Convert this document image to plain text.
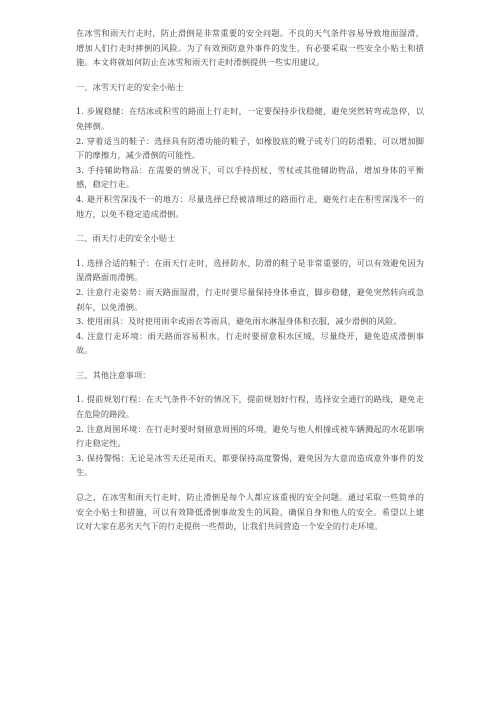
在冰雪和雨天行走时，防止滑倒是非常重要的安全问题。不良的天气条件容易导致地面湿滑，增加人们行走时摔倒的风险。为了有效预防意外事件的发生，有必要采取一些安全小贴士和措施。本文将就如何防止在冰雪和雨天行走时滑倒提供一些实用建议。

一、冰雪天行走的安全小贴士

1. 步履稳健：在结冰或积雪的路面上行走时，一定要保持步伐稳健，避免突然转弯或急停，以免摔倒。

2. 穿着适当的鞋子：选择具有防滑功能的鞋子，如橡胶底的靴子或专门的防滑鞋，可以增加脚下的摩擦力，减少滑倒的可能性。

3. 手持辅助物品：在需要的情况下，可以手持拐杖、雪杖或其他辅助物品，增加身体的平衡感，稳定行走。

4. 避开积雪深浅不一的地方：尽量选择已经被清理过的路面行走，避免行走在积雪深浅不一的地方，以免不稳定造成滑倒。

二、雨天行走的安全小贴士

1. 选择合适的鞋子：在雨天行走时，选择防水、防滑的鞋子是非常重要的，可以有效避免因为湿滑路面而滑倒。

2. 注意行走姿势：雨天路面湿滑，行走时要尽量保持身体垂直，脚步稳健，避免突然转向或急刹车，以免滑倒。

3. 使用雨具：及时使用雨伞或雨衣等雨具，避免雨水淋湿身体和衣服，减少滑倒的风险。

4. 注意行走环境：雨天路面容易积水，行走时要留意积水区域，尽量绕开，避免造成滑倒事故。

三、其他注意事项：

1. 提前规划行程：在天气条件不好的情况下，提前规划好行程，选择安全通行的路线，避免走在危险的路段。

2. 注意周围环境：在行走时要时刻留意周围的环境，避免与他人相撞或被车辆溅起的水花影响行走稳定性。

3. 保持警惕：无论是冰雪天还是雨天，都要保持高度警惕，避免因为大意而造成意外事件的发生。

总之，在冰雪和雨天行走时，防止滑倒是每个人都应该重视的安全问题。通过采取一些简单的安全小贴士和措施，可以有效降低滑倒事故发生的风险，确保自身和他人的安全。希望以上建议对大家在恶劣天气下的行走提供一些帮助，让我们共同营造一个安全的行走环境。
